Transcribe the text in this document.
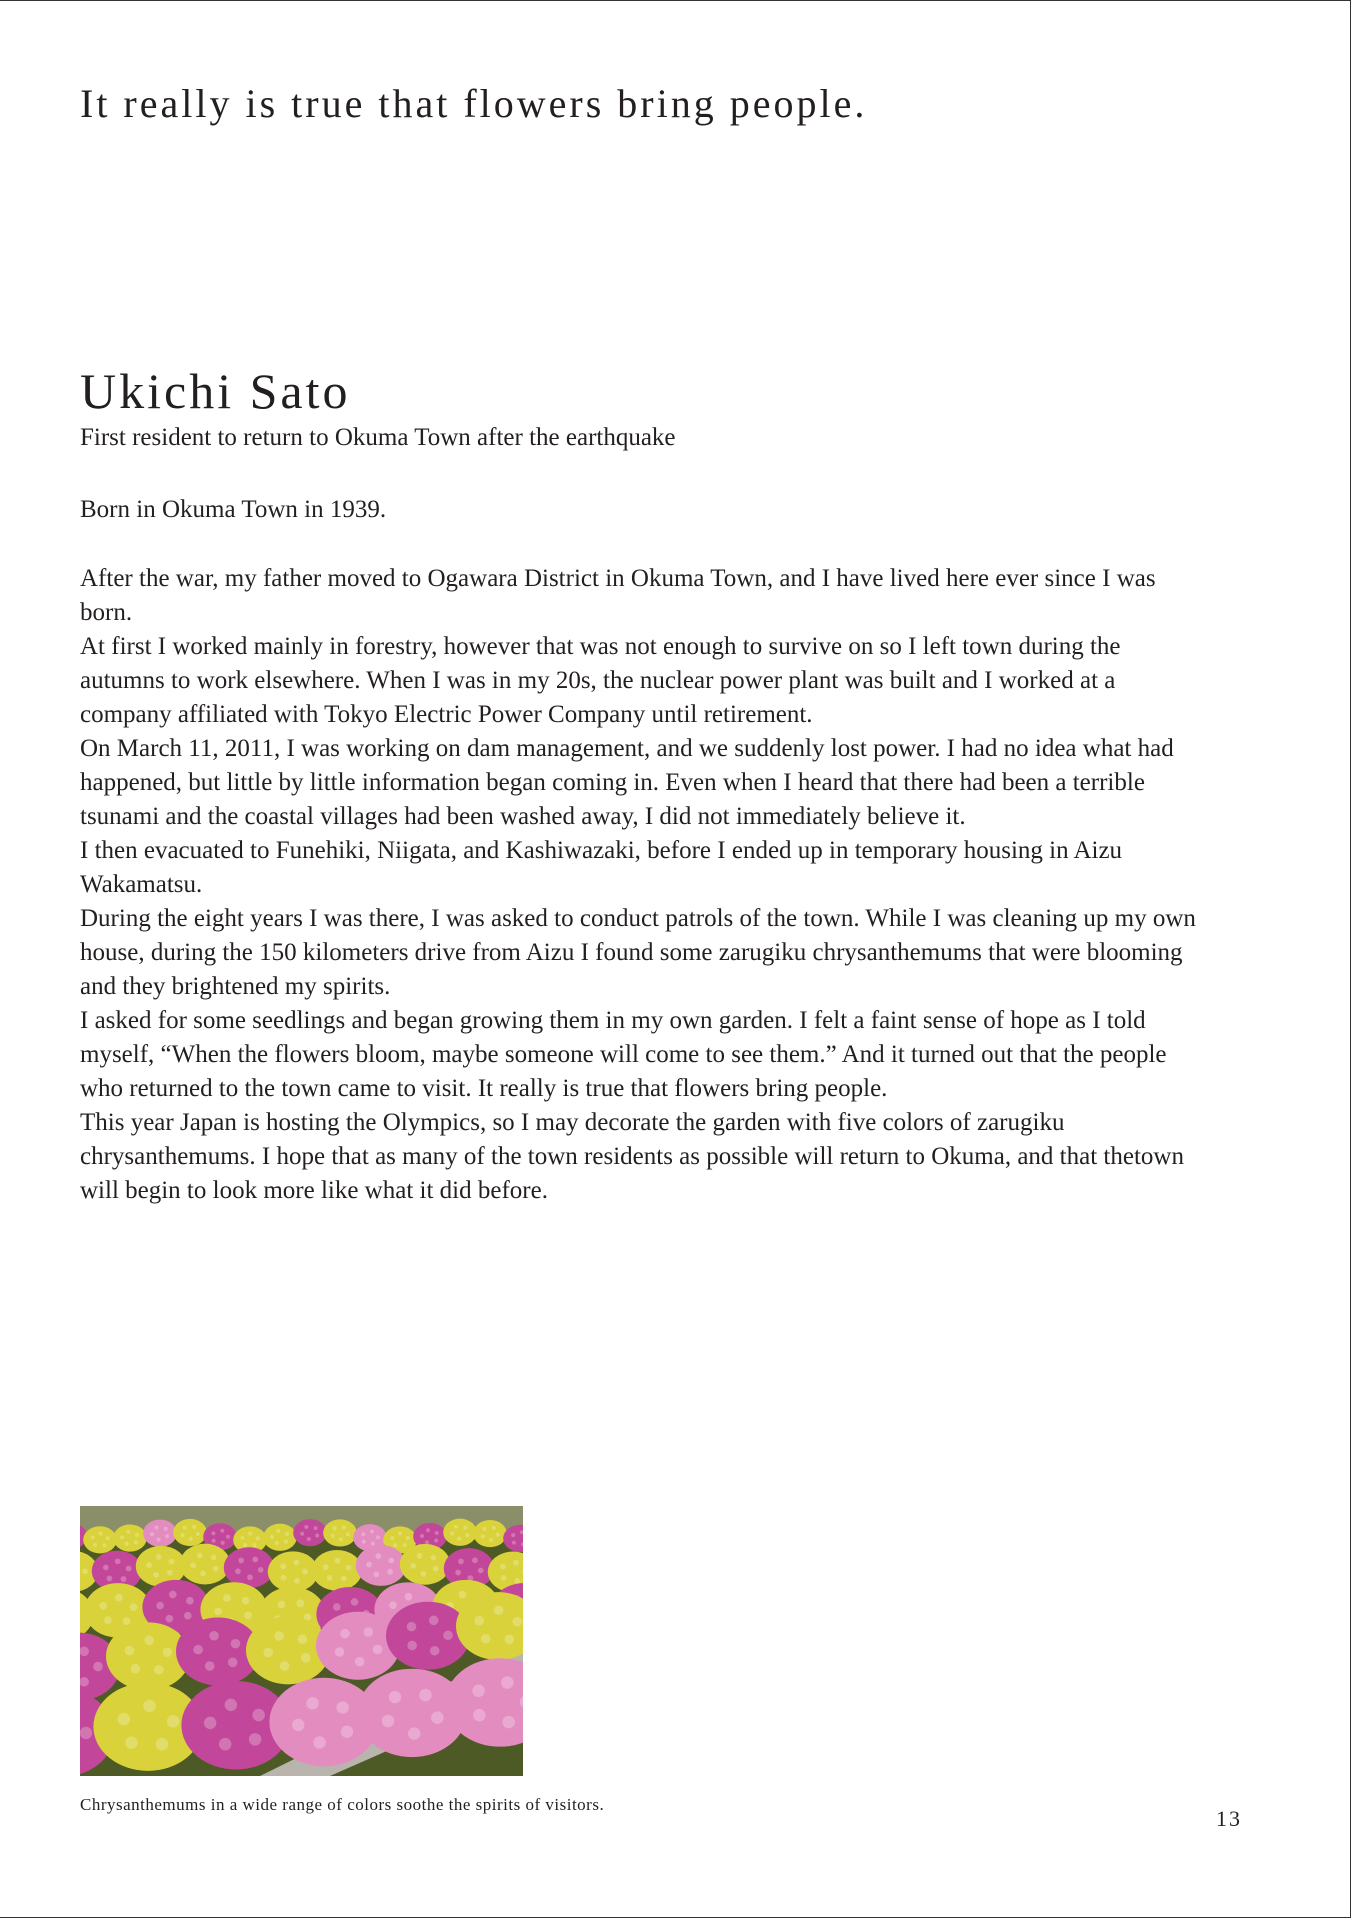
It really is true that flowers bring people.
Ukichi Sato

First resident to return to Okuma Town after the earthquake

Born in Okuma Town in 1939.

After the war, my father moved to Ogawara District in Okuma Town, and I have lived here ever since I was born.

At first I worked mainly in forestry, however that was not enough to survive on so I left town during the autumns to work elsewhere. When I was in my 20s, the nuclear power plant was built and I worked at a company affiliated with Tokyo Electric Power Company until retirement.

On March 11, 2011, I was working on dam management, and we suddenly lost power. I had no idea what had happened, but little by little information began coming in. Even when I heard that there had been a terrible tsunami and the coastal villages had been washed away, I did not immediately believe it.

I then evacuated to Funehiki, Niigata, and Kashiwazaki, before I ended up in temporary housing in Aizu Wakamatsu.

During the eight years I was there, I was asked to conduct patrols of the town. While I was cleaning up my own house, during the 150 kilometers drive from Aizu I found some zarugiku chrysanthemums that were blooming and they brightened my spirits.

I asked for some seedlings and began growing them in my own garden. I felt a faint sense of hope as I told myself, “When the flowers bloom, maybe someone will come to see them.” And it turned out that the people who returned to the town came to visit. It really is true that flowers bring people.

This year Japan is hosting the Olympics, so I may decorate the garden with five colors of zarugiku chrysanthemums. I hope that as many of the town residents as possible will return to Okuma, and that thetown will begin to look more like what it did before.

Chrysanthemums in a wide range of colors soothe the spirits of visitors.

13
